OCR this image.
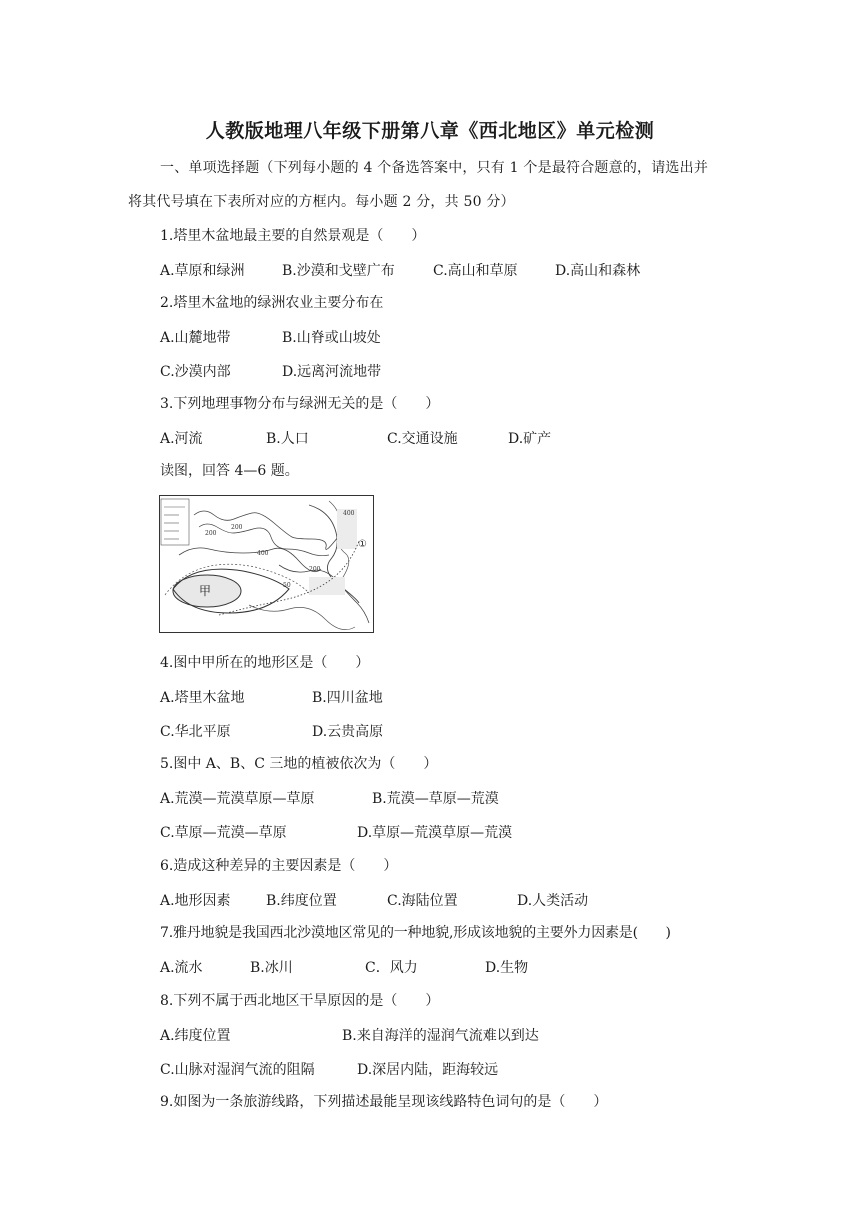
人教版地理八年级下册第八章《西北地区》单元检测
一、单项选择题（下列每小题的 4 个备选答案中，只有 1 个是最符合题意的，请选出并
将其代号填在下表所对应的方框内。每小题 2 分，共 50 分）
1.塔里木盆地最主要的自然景观是（　　）
A.草原和绿洲	B.沙漠和戈壁广布	C.高山和草原	D.高山和森林
2.塔里木盆地的绿洲农业主要分布在
A.山麓地带	B.山脊或山坡处
C.沙漠内部	D.远离河流地带
3.下列地理事物分布与绿洲无关的是（　　）
A.河流	B.人口	C.交通设施	D.矿产
读图，回答 4—6 题。
甲
①
400
200
200
400
200
50
4.图中甲所在的地形区是（　　）
A.塔里木盆地	B.四川盆地
C.华北平原	D.云贵高原
5.图中 A、B、C 三地的植被依次为（　　）
A.荒漠—荒漠草原—草原	B.荒漠—草原—荒漠
C.草原—荒漠—草原	D.草原—荒漠草原—荒漠
6.造成这种差异的主要因素是（　　）
A.地形因素	B.纬度位置	C.海陆位置	D.人类活动
7.雅丹地貌是我国西北沙漠地区常见的一种地貌,形成该地貌的主要外力因素是(　　)
A.流水	B.冰川	C．风力	D.生物
8.下列不属于西北地区干旱原因的是（　　）
A.纬度位置	B.来自海洋的湿润气流难以到达
C.山脉对湿润气流的阻隔	D.深居内陆，距海较远
9.如图为一条旅游线路，下列描述最能呈现该线路特色词句的是（　　）
